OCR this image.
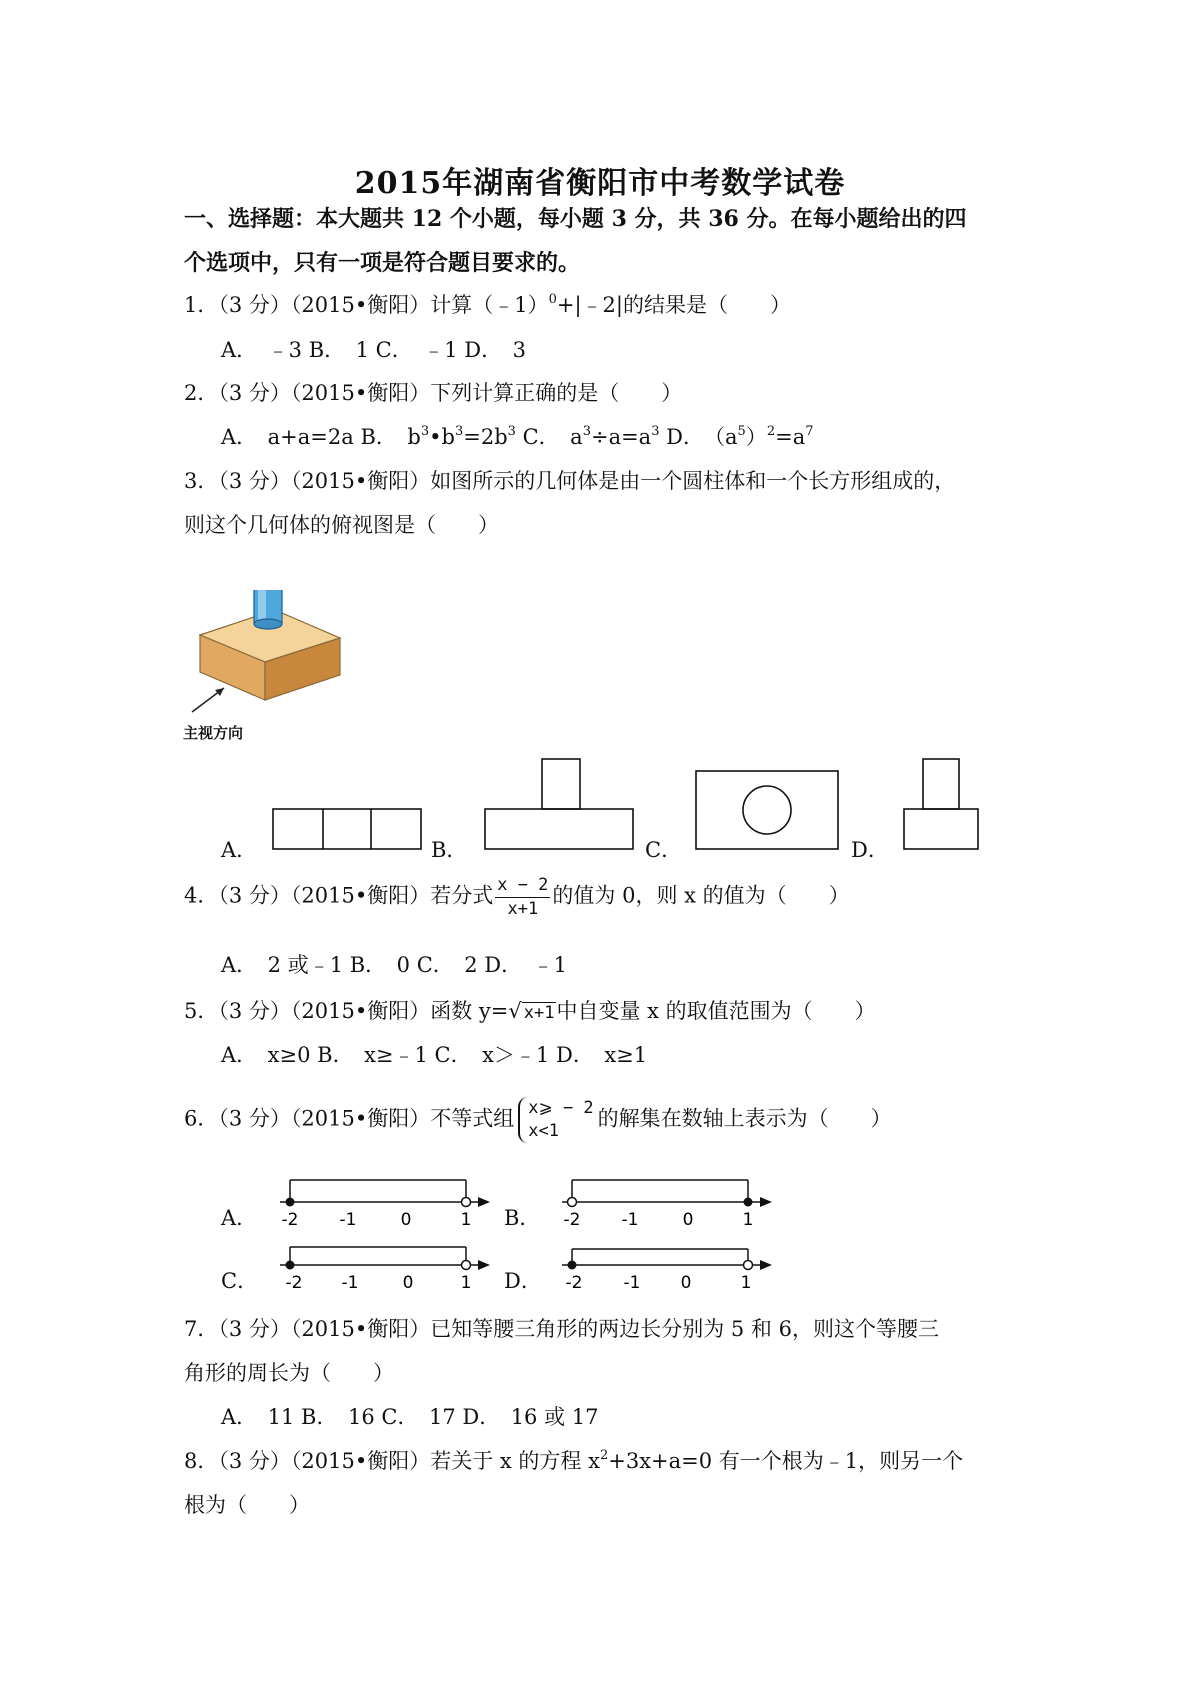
2015年湖南省衡阳市中考数学试卷
一、选择题：本大题共 12 个小题，每小题 3 分，共 36 分。在每小题给出的四
个选项中，只有一项是符合题目要求的。
1．（3 分）（2015•衡阳）计算（﹣1）$^0$+|﹣2|的结果是（　　）
A．　﹣3 B．　1 C．　﹣1 D．　3
2．（3 分）（2015•衡阳）下列计算正确的是（　　）
A．　a+a=2a B．　$b^3•b^3=2b^3$ C．　$a^3\div a=a^3$ D．　$(a^5)^2=a^7$
3．（3 分）（2015•衡阳）如图所示的几何体是由一个圆柱体和一个长方形组成的，
则这个几何体的俯视图是（　　）
主视方向
A．	B．	C．	D．
4．（3 分）（2015•衡阳）若分式 $\frac{x - 2}{x+1}$ 的值为 0，则 x 的值为（　　）
A．　2 或﹣1 B．　0 C．　2 D．　﹣1
5．（3 分）（2015•衡阳）函数 y=√ x+1中自变量 x 的取值范围为（　　）
A．　x≥0 B．　x≥﹣1 C．　x＞﹣1 D．　x≥1
6．（3 分）（2015•衡阳）不等式组 x⩾ − 2
x<1
的解集在数轴上表示为（　　）
A． -2 -1	0	1 B． -2 -1	0	1
C． -2 -1	0	1 D． -2 -1 0	1
7．（3 分）（2015•衡阳）已知等腰三角形的两边长分别为 5 和 6，则这个等腰三
角形的周长为（　　）
A．　11 B．　16 C．　17 D．　16 或 17
8．（3 分）（2015•衡阳）若关于 x 的方程 $x^2+3x+a=0$ 有一个根为﹣1，则另一个
根为（　　）
